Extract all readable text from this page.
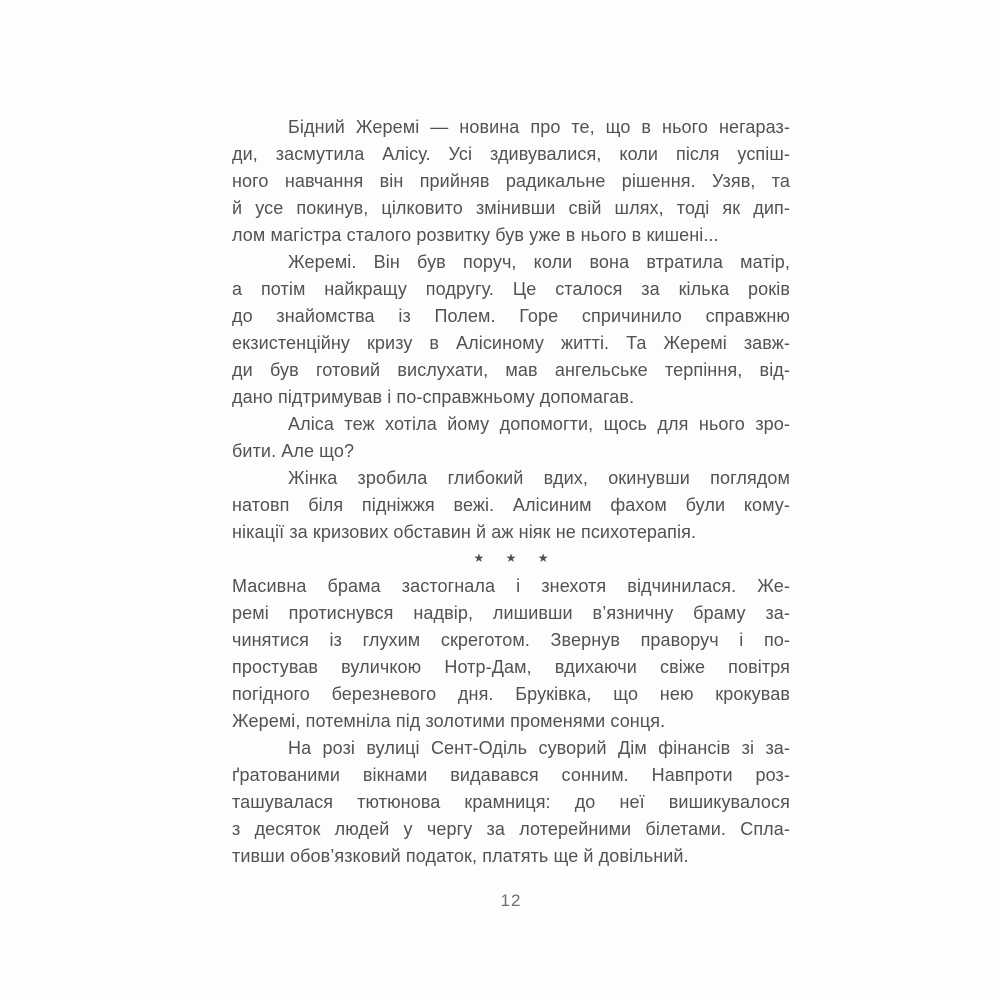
Бідний Жеремі — новина про те, що в нього негараз-
ди, засмутила Алісу. Усі здивувалися, коли після успіш-
ного навчання він прийняв радикальне рішення. Узяв, та
й усе покинув, цілковито змінивши свій шлях, тоді як дип-
лом магістра сталого розвитку був уже в нього в кишені...
Жеремі. Він був поруч, коли вона втратила матір,
а потім найкращу подругу. Це сталося за кілька років
до знайомства із Полем. Горе спричинило справжню
екзистенційну кризу в Алісиному житті. Та Жеремі завж-
ди був готовий вислухати, мав ангельське терпіння, від-
дано підтримував і по-справжньому допомагав.
Аліса теж хотіла йому допомогти, щось для нього зро-
бити. Але що?
Жінка зробила глибокий вдих, окинувши поглядом
натовп біля підніжжя вежі. Алісиним фахом були кому-
нікації за кризових обставин й аж ніяк не психотерапія.
★ ★ ★
Масивна брама застогнала і знехотя відчинилася. Же-
ремі протиснувся надвір, лишивши в’язничну браму за-
чинятися із глухим скреготом. Звернув праворуч і по-
простував вуличкою Нотр-Дам, вдихаючи свіже повітря
погідного березневого дня. Бруківка, що нею крокував
Жеремі, потемніла під золотими променями сонця.
На розі вулиці Сент-Оділь суворий Дім фінансів зі за-
ґратованими вікнами видавався сонним. Навпроти роз-
ташувалася тютюнова крамниця: до неї вишикувалося
з десяток людей у чергу за лотерейними білетами. Спла-
тивши обов’язковий податок, платять ще й довільний.
12
